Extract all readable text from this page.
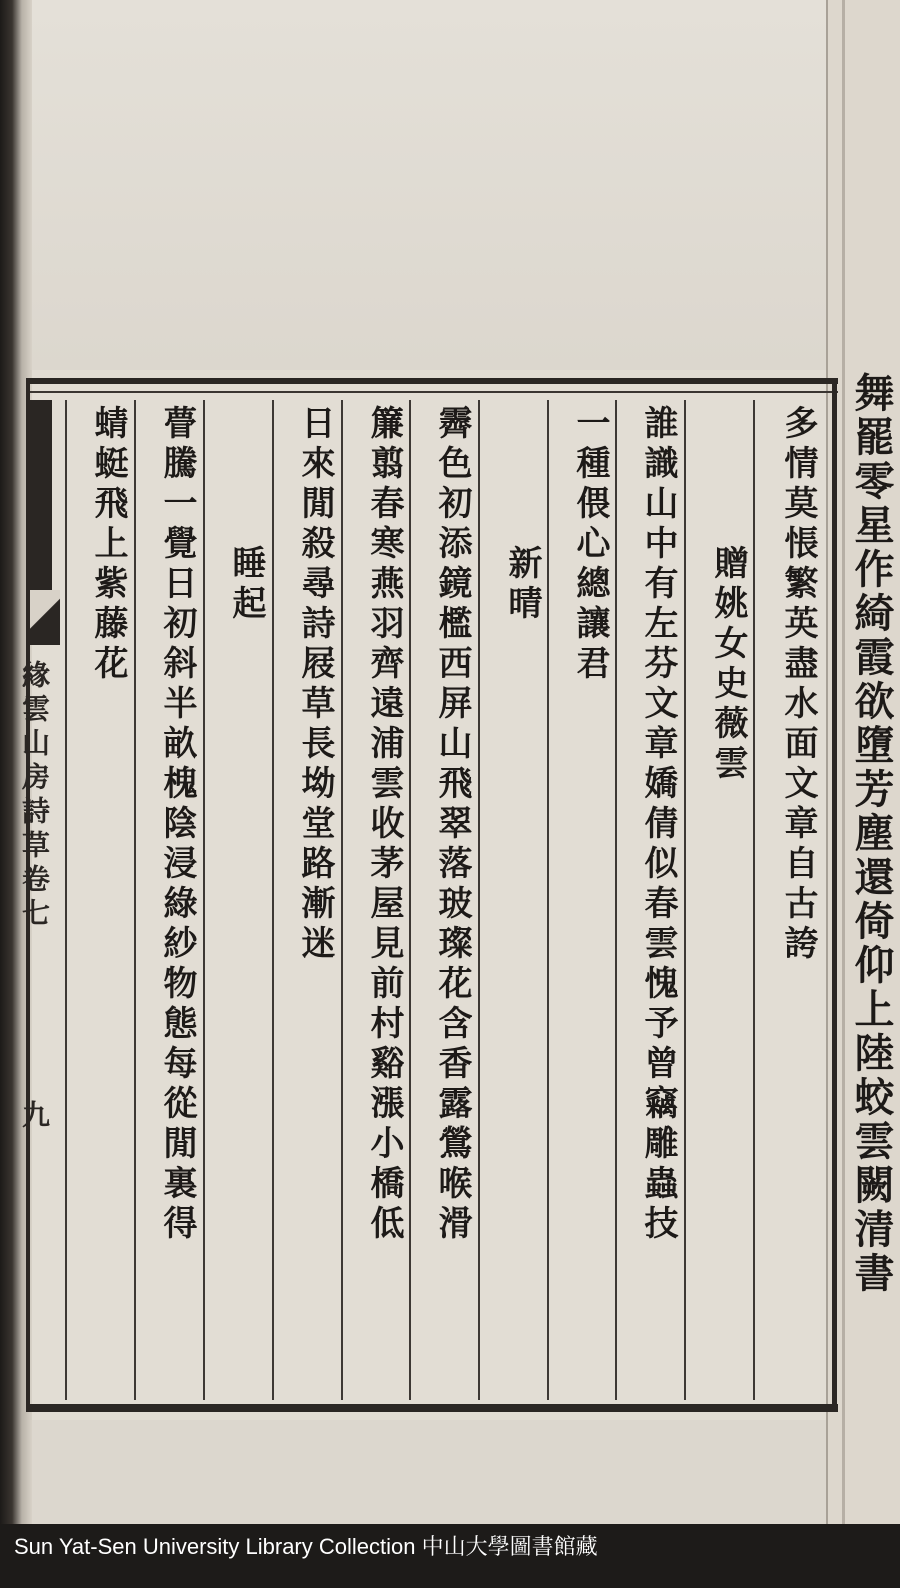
舞罷零星作綺霞欲墮芳塵還倚仰上陸蛟雲闕清書
緣雲山房詩草卷七
九
多情莫悵繁英盡水面文章自古誇
贈姚女史薇雲
誰識山中有左芬文章嬌倩似春雲愧予曾竊雕蟲技
一種偎心總讓君
新晴
霽色初添鏡檻西屏山飛翠落玻璨花含香露鶯喉滑
簾翦春寒燕羽齊遠浦雲收茅屋見前村谿漲小橋低
日來閒殺尋詩屐草長坳堂路漸迷
睡起
瞢騰一覺日初斜半畝槐陰浸綠紗物態每從閒裏得
蜻蜓飛上紫藤花
Sun Yat-Sen University Library Collection 中山大學圖書館藏
